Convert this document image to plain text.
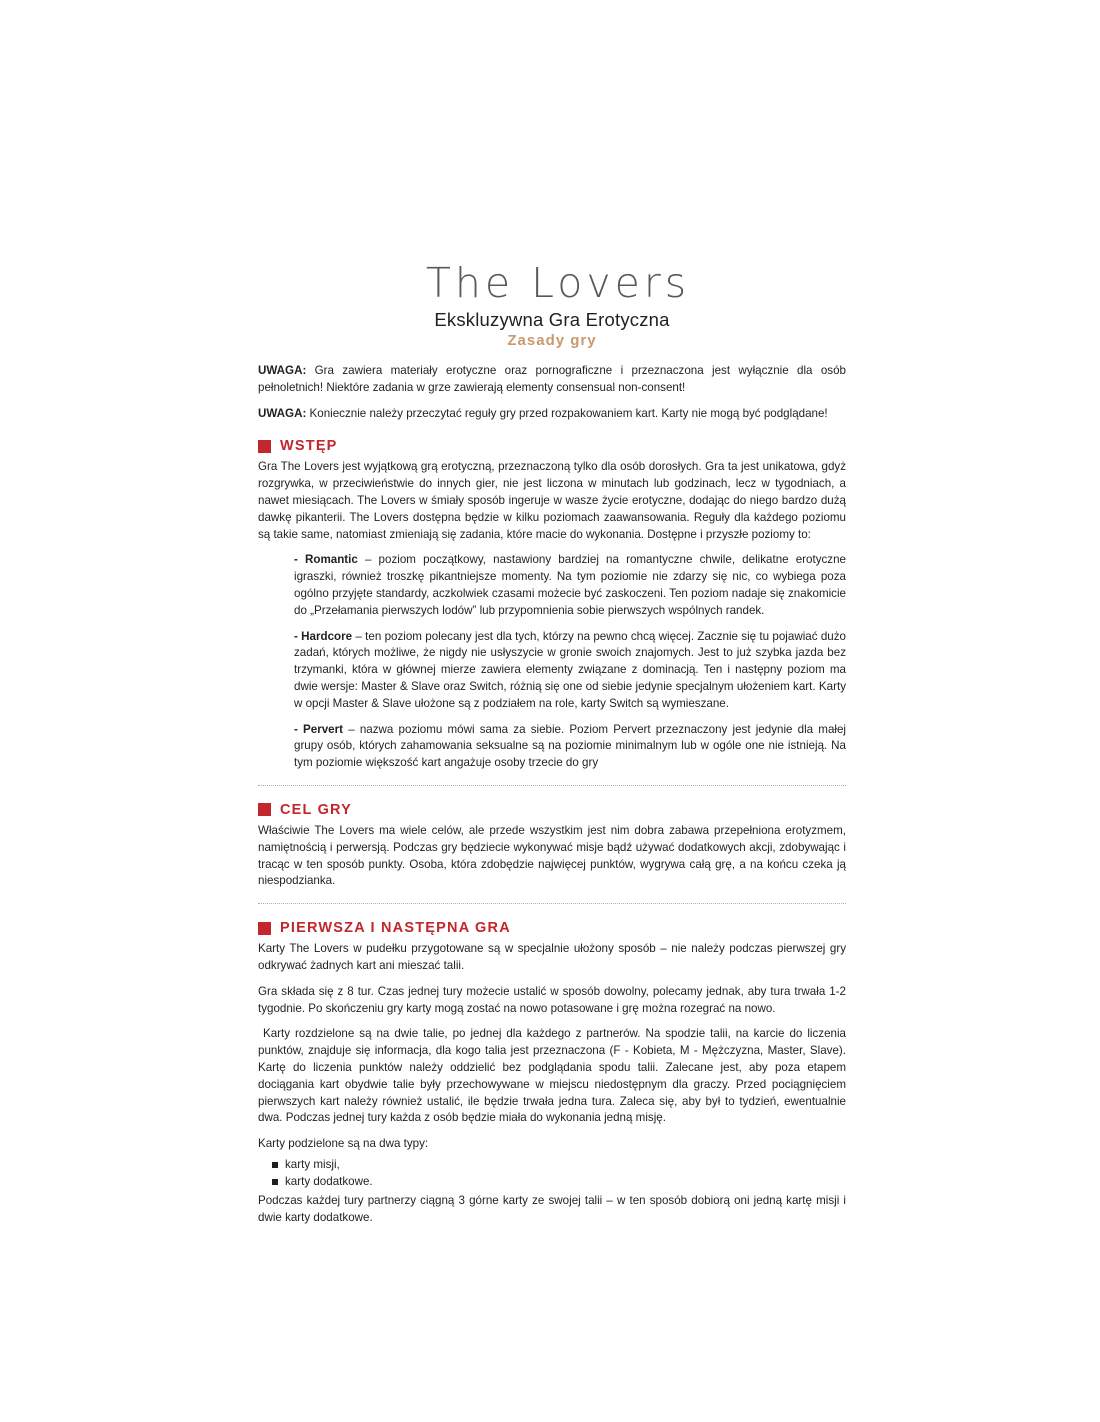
The Lovers
Ekskluzywna Gra Erotyczna
Zasady gry

UWAGA: Gra zawiera materiały erotyczne oraz pornograficzne i przeznaczona jest wyłącznie dla osób pełnoletnich! Niektóre zadania w grze zawierają elementy consensual non-consent!

UWAGA: Koniecznie należy przeczytać reguły gry przed rozpakowaniem kart. Karty nie mogą być podglądane!

WSTĘP

Gra The Lovers jest wyjątkową grą erotyczną, przeznaczoną tylko dla osób dorosłych. Gra ta jest unikatowa, gdyż rozgrywka, w przeciwieństwie do innych gier, nie jest liczona w minutach lub godzinach, lecz w tygodniach, a nawet miesiącach. The Lovers w śmiały sposób ingeruje w wasze życie erotyczne, dodając do niego bardzo dużą dawkę pikanterii. The Lovers dostępna będzie w kilku poziomach zaawansowania. Reguły dla każdego poziomu są takie same, natomiast zmieniają się zadania, które macie do wykonania. Dostępne i przyszłe poziomy to:

- Romantic – poziom początkowy, nastawiony bardziej na romantyczne chwile, delikatne erotyczne igraszki, również troszkę pikantniejsze momenty. Na tym poziomie nie zdarzy się nic, co wybiega poza ogólno przyjęte standardy, aczkolwiek czasami możecie być zaskoczeni. Ten poziom nadaje się znakomicie do „Przełamania pierwszych lodów” lub przypomnienia sobie pierwszych wspólnych randek.
- Hardcore – ten poziom polecany jest dla tych, którzy na pewno chcą więcej. Zacznie się tu pojawiać dużo zadań, których możliwe, że nigdy nie usłyszycie w gronie swoich znajomych. Jest to już szybka jazda bez trzymanki, która w głównej mierze zawiera elementy związane z dominacją. Ten i następny poziom ma dwie wersje: Master & Slave oraz Switch, różnią się one od siebie jedynie specjalnym ułożeniem kart. Karty w opcji Master & Slave ułożone są z podziałem na role, karty Switch są wymieszane.
- Pervert – nazwa poziomu mówi sama za siebie. Poziom Pervert przeznaczony jest jedynie dla małej grupy osób, których zahamowania seksualne są na poziomie minimalnym lub w ogóle one nie istnieją. Na tym poziomie większość kart angażuje osoby trzecie do gry
CEL GRY

Właściwie The Lovers ma wiele celów, ale przede wszystkim jest nim dobra zabawa przepełniona erotyzmem, namiętnością i perwersją. Podczas gry będziecie wykonywać misje bądź używać dodatkowych akcji, zdobywając i tracąc w ten sposób punkty. Osoba, która zdobędzie najwięcej punktów, wygrywa całą grę, a na końcu czeka ją niespodzianka.

PIERWSZA I NASTĘPNA GRA

Karty The Lovers w pudełku przygotowane są w specjalnie ułożony sposób – nie należy podczas pierwszej gry odkrywać żadnych kart ani mieszać talii.

Gra składa się z 8 tur. Czas jednej tury możecie ustalić w sposób dowolny, polecamy jednak, aby tura trwała 1-2 tygodnie. Po skończeniu gry karty mogą zostać na nowo potasowane i grę można rozegrać na nowo.

Karty rozdzielone są na dwie talie, po jednej dla każdego z partnerów. Na spodzie talii, na karcie do liczenia punktów, znajduje się informacja, dla kogo talia jest przeznaczona (F - Kobieta, M - Mężczyzna, Master, Slave). Kartę do liczenia punktów należy oddzielić bez podglądania spodu talii. Zalecane jest, aby poza etapem dociągania kart obydwie talie były przechowywane w miejscu niedostępnym dla graczy. Przed pociągnięciem pierwszych kart należy również ustalić, ile będzie trwała jedna tura. Zaleca się, aby był to tydzień, ewentualnie dwa. Podczas jednej tury każda z osób będzie miała do wykonania jedną misję.

Karty podzielone są na dwa typy:

karty misji,
karty dodatkowe.

Podczas każdej tury partnerzy ciągną 3 górne karty ze swojej talii – w ten sposób dobiorą oni jedną kartę misji i dwie karty dodatkowe.
